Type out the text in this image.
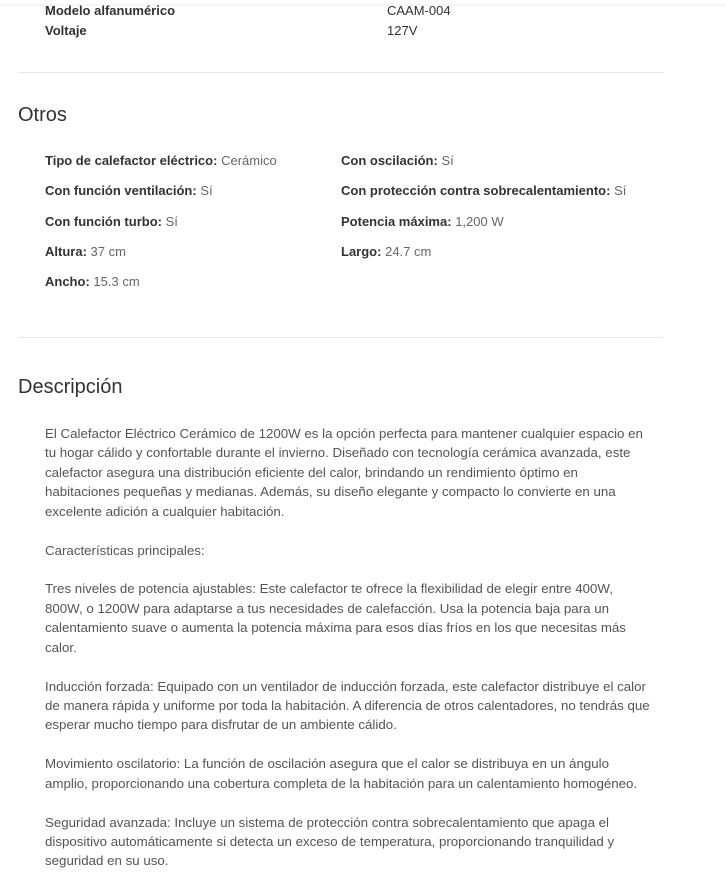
Modelo alfanumérico	CAAM-004
Voltaje	127V
Otros
Tipo de calefactor eléctrico: Cerámico	Con oscilación: Sí
Con función ventilación: Sí	Con protección contra sobrecalentamiento: Sí
Con función turbo: Sí	Potencia máxima: 1,200 W
Altura: 37 cm	Largo: 24.7 cm
Ancho: 15.3 cm
Descripción

El Calefactor Eléctrico Cerámico de 1200W es la opción perfecta para mantener cualquier espacio en tu hogar cálido y confortable durante el invierno. Diseñado con tecnología cerámica avanzada, este calefactor asegura una distribución eficiente del calor, brindando un rendimiento óptimo en habitaciones pequeñas y medianas. Además, su diseño elegante y compacto lo convierte en una excelente adición a cualquier habitación.

Características principales:

Tres niveles de potencia ajustables: Este calefactor te ofrece la flexibilidad de elegir entre 400W, 800W, o 1200W para adaptarse a tus necesidades de calefacción. Usa la potencia baja para un calentamiento suave o aumenta la potencia máxima para esos días fríos en los que necesitas más calor.

Inducción forzada: Equipado con un ventilador de inducción forzada, este calefactor distribuye el calor de manera rápida y uniforme por toda la habitación. A diferencia de otros calentadores, no tendrás que esperar mucho tiempo para disfrutar de un ambiente cálido.

Movimiento oscilatorio: La función de oscilación asegura que el calor se distribuya en un ángulo amplio, proporcionando una cobertura completa de la habitación para un calentamiento homogéneo.

Seguridad avanzada: Incluye un sistema de protección contra sobrecalentamiento que apaga el dispositivo automáticamente si detecta un exceso de temperatura, proporcionando tranquilidad y seguridad en su uso.
